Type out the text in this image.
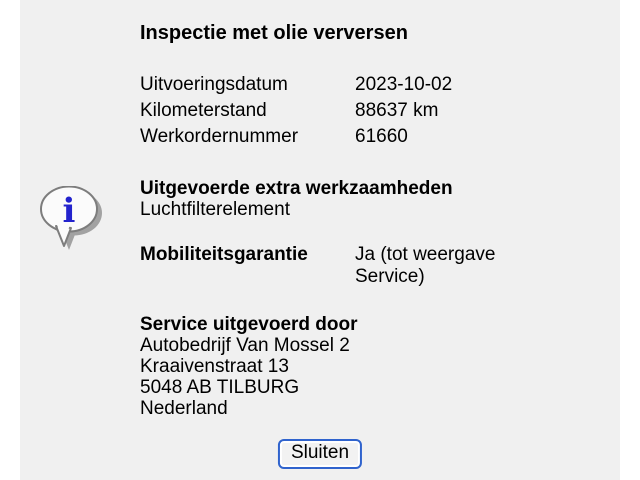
i
Inspectie met olie verversen
Uitvoeringsdatum	2023-10-02
Kilometerstand	88637 km
Werkordernummer	61660
Uitgevoerde extra werkzaamheden
Luchtfilterelement
Mobiliteitsgarantie	Ja (tot weergave Service)
Service uitgevoerd door
Autobedrijf Van Mossel 2
Kraaivenstraat 13
5048 AB TILBURG
Nederland
Sluiten
